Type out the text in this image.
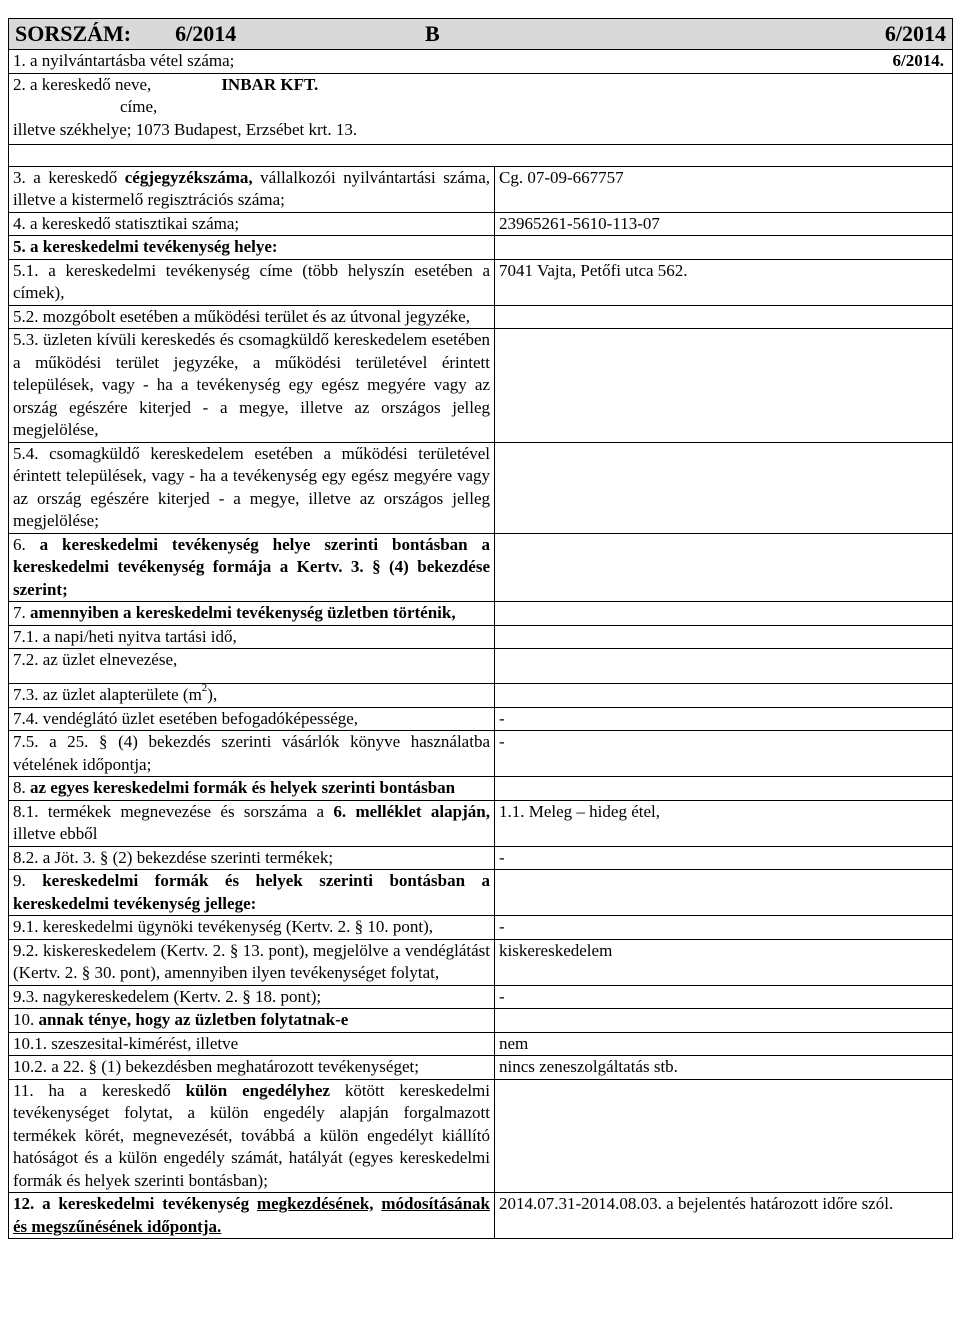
SORSZÁM:        6/2014 B 6/2014	

1. a nyilvántartásba vétel száma; 6/2014.	

2. a kereskedő neve, INBAR KFT.
címe,
illetve székhelye; 1073 Budapest, Erzsébet krt. 13.	

3. a kereskedő cégjegyzékszáma, vállalkozói nyilvántartási száma, illetve a kistermelő regisztrációs száma;	Cg. 07-09-667757
4. a kereskedő statisztikai száma;	23965261-5610-113-07
5. a kereskedelmi tevékenység helye:	
5.1. a kereskedelmi tevékenység címe (több helyszín esetében a címek),	7041 Vajta, Petőfi utca 562.
5.2. mozgóbolt esetében a működési terület és az útvonal jegyzéke,	
5.3. üzleten kívüli kereskedés és csomagküldő kereskedelem esetében a működési terület jegyzéke, a működési területével érintett települések, vagy - ha a tevékenység egy egész megyére vagy az ország egészére kiterjed - a megye, illetve az országos jelleg megjelölése,	
5.4. csomagküldő kereskedelem esetében a működési területével érintett települések, vagy - ha a tevékenység egy egész megyére vagy az ország egészére kiterjed - a megye, illetve az országos jelleg megjelölése;	
6. a kereskedelmi tevékenység helye szerinti bontásban a kereskedelmi tevékenység formája a Kertv. 3. § (4) bekezdése szerint;	
7. amennyiben a kereskedelmi tevékenység üzletben történik,	
7.1. a napi/heti nyitva tartási idő,	
7.2. az üzlet elnevezése,	
7.3. az üzlet alapterülete $(m^2)$,	
7.4. vendéglátó üzlet esetében befogadóképessége,	-
7.5. a 25. § (4) bekezdés szerinti vásárlók könyve használatba vételének időpontja;	-
8. az egyes kereskedelmi formák és helyek szerinti bontásban	
8.1. termékek megnevezése és sorszáma a 6. melléklet alapján, illetve ebből	1.1. Meleg – hideg étel,
8.2. a Jöt. 3. § (2) bekezdése szerinti termékek;	-
9. kereskedelmi formák és helyek szerinti bontásban a kereskedelmi tevékenység jellege:	
9.1. kereskedelmi ügynöki tevékenység (Kertv. 2. § 10. pont),	-
9.2. kiskereskedelem (Kertv. 2. § 13. pont), megjelölve a vendéglátást (Kertv. 2. § 30. pont), amennyiben ilyen tevékenységet folytat,	kiskereskedelem
9.3. nagykereskedelem (Kertv. 2. § 18. pont);	-
10. annak ténye, hogy az üzletben folytatnak-e	
10.1. szeszesital-kimérést, illetve	nem
10.2. a 22. § (1) bekezdésben meghatározott tevékenységet;	nincs zeneszolgáltatás stb.
11. ha a kereskedő külön engedélyhez kötött kereskedelmi tevékenységet folytat, a külön engedély alapján forgalmazott termékek körét, megnevezését, továbbá a külön engedélyt kiállító hatóságot és a külön engedély számát, hatályát (egyes kereskedelmi formák és helyek szerinti bontásban);	
12. a kereskedelmi tevékenység megkezdésének, módosításának és megszűnésének időpontja.	2014.07.31-2014.08.03. a bejelentés határozott időre szól.
